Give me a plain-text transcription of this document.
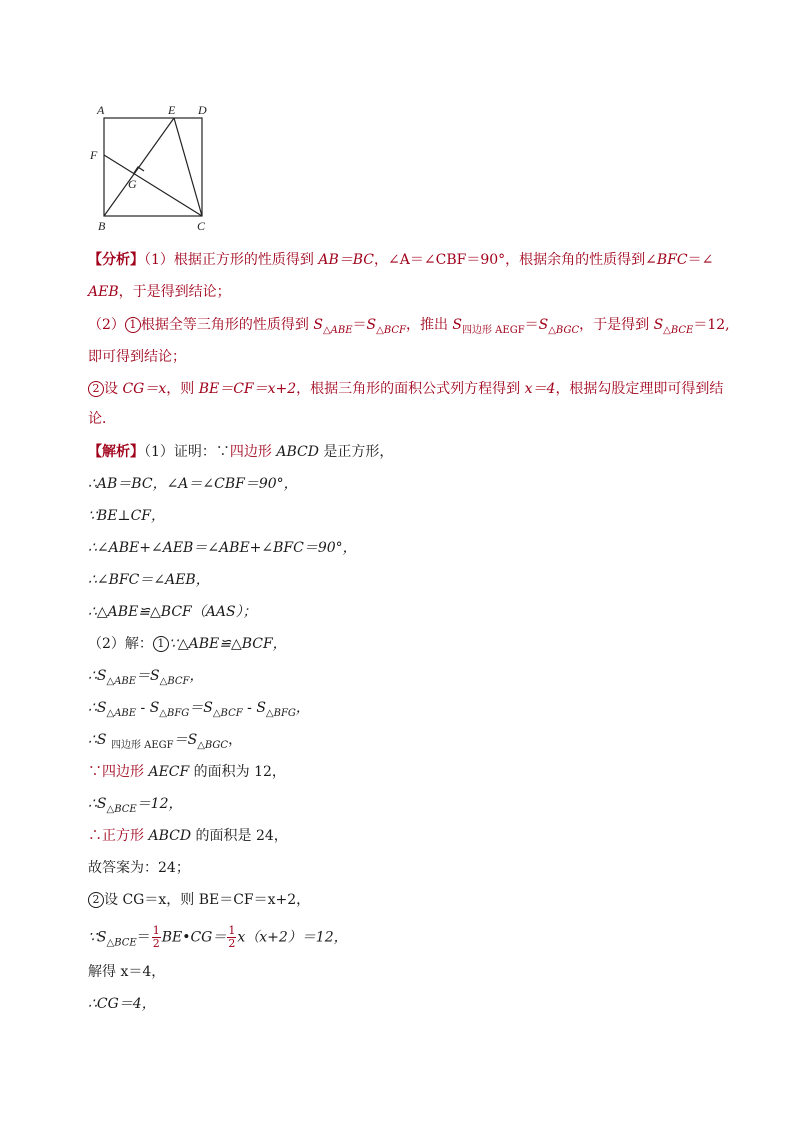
A	E D
F
G
B	C
【分析】（1）根据正方形的性质得到 AB＝BC，∠A＝∠CBF＝90°，根据余角的性质得到∠BFC＝∠
AEB，于是得到结论；
（2） 1 根据全等三角形的性质得到 $S_{\triangle ABE}=S_{\triangle BCF}$，推出 $S_{四边形 AEGF}=S_{\triangle BGC}$，于是得到 $S_{\triangle BCE}=12$,
即可得到结论；
2 设 CG＝x，则 BE＝CF＝x+2，根据三角形的面积公式列方程得到 x＝4，根据勾股定理即可得到结
论．
【解析】（1）证明：∵四边形 ABCD 是正方形，
∴AB＝BC，∠A＝∠CBF＝90°，
∵BE⊥CF，
∴∠ABE+∠AEB＝∠ABE+∠BFC＝90°，
∴∠BFC＝∠AEB，
∴△ABE≌△BCF（AAS）；
（2）解： 1 ∵△ABE≌△BCF，
$\therefore S_{\triangle ABE}=S_{\triangle BCF}$，
$\therefore S_{\triangle ABE} - S_{\triangle BFG}=S_{\triangle BCF} - S_{\triangle BFG}$，
∴S $_{四边形 AEGF}=S_{\triangle BGC}$，
∵四边形 AECF 的面积为 12，
$\therefore S_{\triangle BCE}=12$，
∴正方形 ABCD 的面积是 24，
故答案为：24；
2 设 CG＝x，则 BE＝CF＝x+2，
$\because S_{\triangle BCE}= \frac{1}{2}$ BE•CG＝ $\frac{1}{2} x(x+2)=12$，
解得 x＝4，
∴CG＝4，
